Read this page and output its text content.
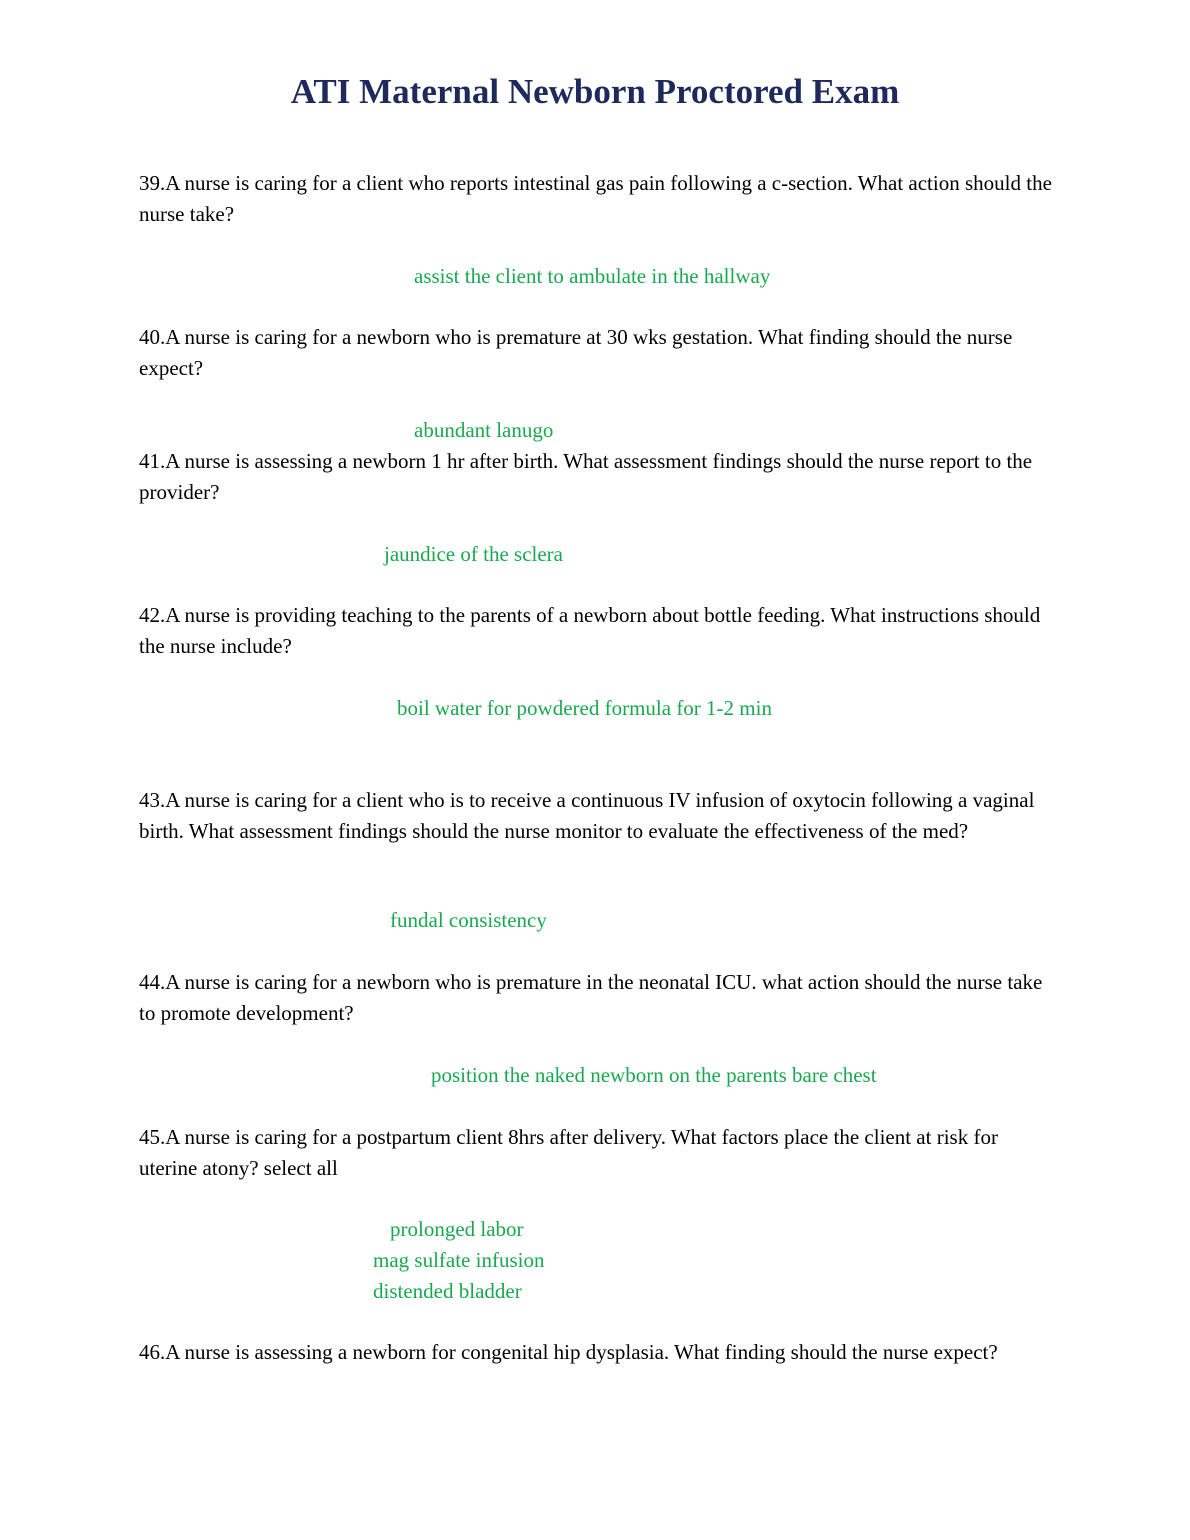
ATI Maternal Newborn Proctored Exam

39.A nurse is caring for a client who reports intestinal gas pain following a c-section. What action should the nurse take?

assist the client to ambulate in the hallway

40.A nurse is caring for a newborn who is premature at 30 wks gestation. What finding should the nurse expect?

abundant lanugo

41.A nurse is assessing a newborn 1 hr after birth. What assessment findings should the nurse report to the provider?

jaundice of the sclera

42.A nurse is providing teaching to the parents of a newborn about bottle feeding. What instructions should the nurse include?

boil water for powdered formula for 1-2 min

43.A nurse is caring for a client who is to receive a continuous IV infusion of oxytocin following a vaginal birth. What assessment findings should the nurse monitor to evaluate the effectiveness of the med?

fundal consistency

44.A nurse is caring for a newborn who is premature in the neonatal ICU. what action should the nurse take to promote development?

position the naked newborn on the parents bare chest

45.A nurse is caring for a postpartum client 8hrs after delivery. What factors place the client at risk for uterine atony? select all

prolonged labor

mag sulfate infusion

distended bladder

46.A nurse is assessing a newborn for congenital hip dysplasia. What finding should the nurse expect?
